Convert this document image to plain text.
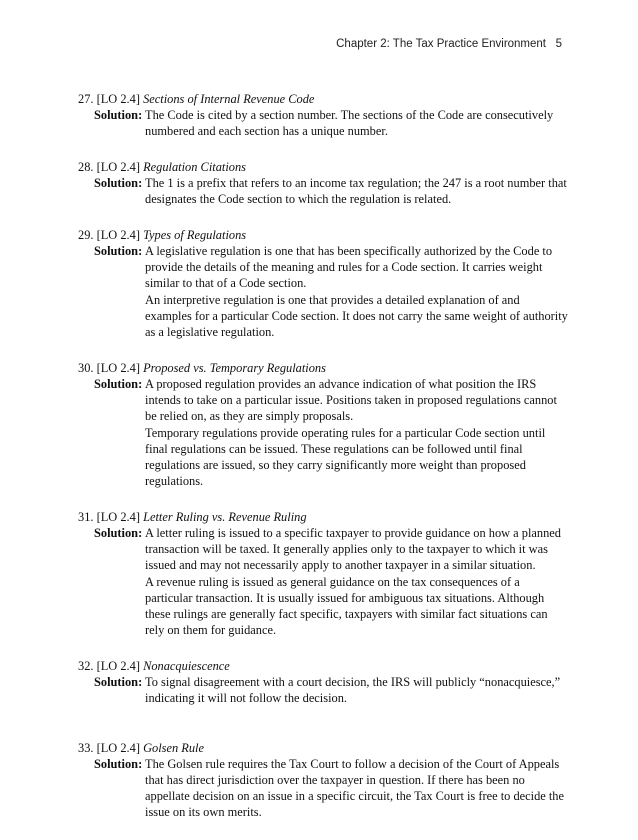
Chapter 2: The Tax Practice Environment 5
27. [LO 2.4] Sections of Internal Revenue Code
Solution: The Code is cited by a section number. The sections of the Code are consecutively numbered and each section has a unique number.

28. [LO 2.4] Regulation Citations
Solution: The 1 is a prefix that refers to an income tax regulation; the 247 is a root number that designates the Code section to which the regulation is related.

29. [LO 2.4] Types of Regulations
Solution: A legislative regulation is one that has been specifically authorized by the Code to provide the details of the meaning and rules for a Code section. It carries weight similar to that of a Code section.

An interpretive regulation is one that provides a detailed explanation of and examples for a particular Code section. It does not carry the same weight of authority as a legislative regulation.

30. [LO 2.4] Proposed vs. Temporary Regulations
Solution: A proposed regulation provides an advance indication of what position the IRS intends to take on a particular issue. Positions taken in proposed regulations cannot be relied on, as they are simply proposals.

Temporary regulations provide operating rules for a particular Code section until final regulations can be issued. These regulations can be followed until final regulations are issued, so they carry significantly more weight than proposed regulations.

31. [LO 2.4] Letter Ruling vs. Revenue Ruling
Solution: A letter ruling is issued to a specific taxpayer to provide guidance on how a planned transaction will be taxed. It generally applies only to the taxpayer to which it was issued and may not necessarily apply to another taxpayer in a similar situation.

A revenue ruling is issued as general guidance on the tax consequences of a particular transaction. It is usually issued for ambiguous tax situations. Although these rulings are generally fact specific, taxpayers with similar fact situations can rely on them for guidance.

32. [LO 2.4] Nonacquiescence
Solution: To signal disagreement with a court decision, the IRS will publicly “nonacquiesce,” indicating it will not follow the decision.

33. [LO 2.4] Golsen Rule
Solution: The Golsen rule requires the Tax Court to follow a decision of the Court of Appeals that has direct jurisdiction over the taxpayer in question. If there has been no appellate decision on an issue in a specific circuit, the Tax Court is free to decide the issue on its own merits.
